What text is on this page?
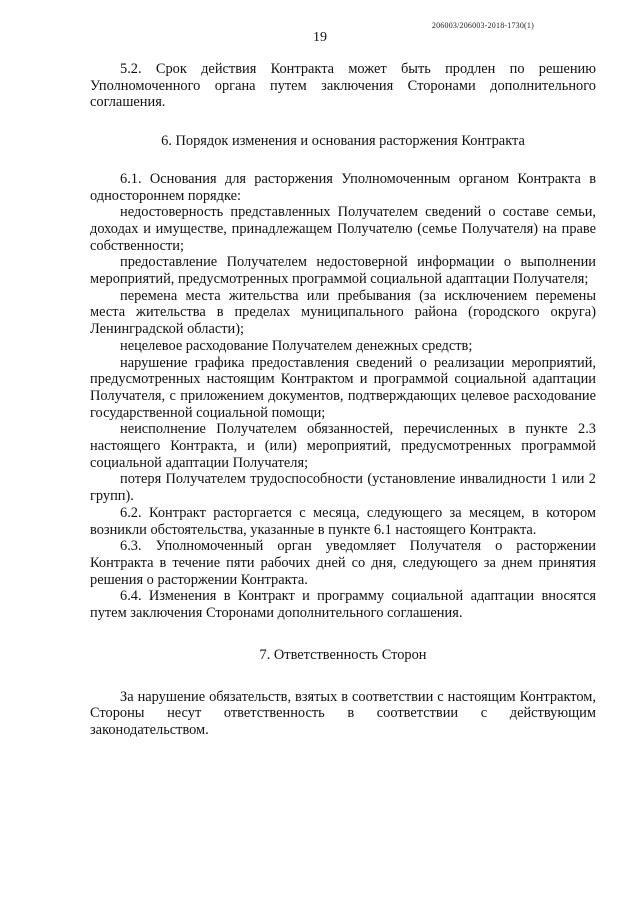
206003/206003-2018-1730(1)
19

5.2. Срок действия Контракта может быть продлен по решению Уполномоченного органа путем заключения Сторонами дополнительного соглашения.

6. Порядок изменения и основания расторжения Контракта

6.1. Основания для расторжения Уполномоченным органом Контракта в одностороннем порядке:

недостоверность представленных Получателем сведений о составе семьи, доходах и имуществе, принадлежащем Получателю (семье Получателя) на праве собственности;

предоставление Получателем недостоверной информации о выполнении мероприятий, предусмотренных программой социальной адаптации Получателя;

перемена места жительства или пребывания (за исключением перемены места жительства в пределах муниципального района (городского округа) Ленинградской области);

нецелевое расходование Получателем денежных средств;

нарушение графика предоставления сведений о реализации мероприятий, предусмотренных настоящим Контрактом и программой социальной адаптации Получателя, с приложением документов, подтверждающих целевое расходование государственной социальной помощи;

неисполнение Получателем обязанностей, перечисленных в пункте 2.3 настоящего Контракта, и (или) мероприятий, предусмотренных программой социальной адаптации Получателя;

потеря Получателем трудоспособности (установление инвалидности 1 или 2 групп).

6.2. Контракт расторгается с месяца, следующего за месяцем, в котором возникли обстоятельства, указанные в пункте 6.1 настоящего Контракта.

6.3. Уполномоченный орган уведомляет Получателя о расторжении Контракта в течение пяти рабочих дней со дня, следующего за днем принятия решения о расторжении Контракта.

6.4. Изменения в Контракт и программу социальной адаптации вносятся путем заключения Сторонами дополнительного соглашения.

7. Ответственность Сторон

За нарушение обязательств, взятых в соответствии с настоящим Контрактом, Стороны несут ответственность в соответствии с действующим законодательством.
